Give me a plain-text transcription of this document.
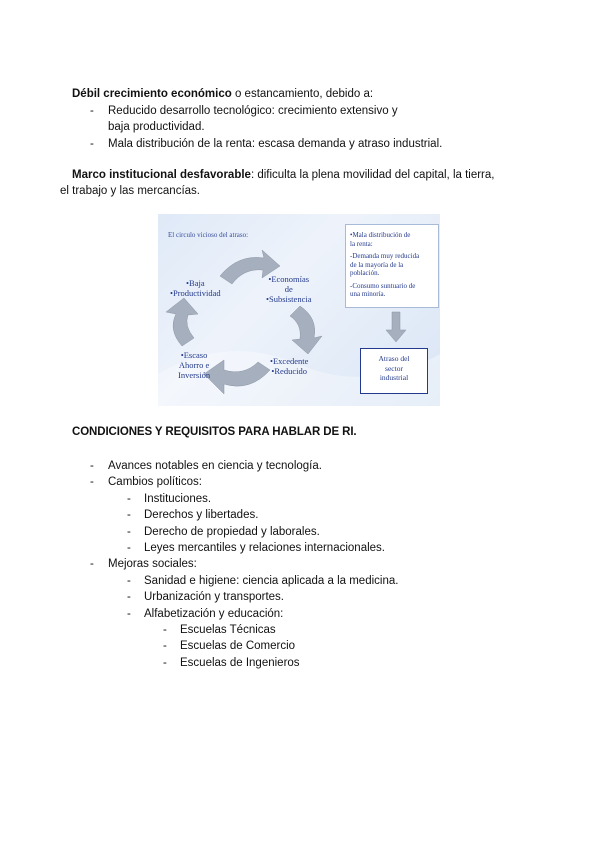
Débil crecimiento económico o estancamiento, debido a:

- Reducido desarrollo tecnológico: crecimiento extensivo y
baja productividad.
- Mala distribución de la renta: escasa demanda y atraso industrial.

Marco institucional desfavorable: dificulta la plena movilidad del capital, la tierra,

el trabajo y las mercancías.

El circulo vicioso del atraso:
•Baja
•Productividad
•Economías
de
•Subsistencia
•Excedente
•Reducido
•Escaso
Ahorro e
Inversión
•Mala distribución de
la renta:
-Demanda muy reducida
de la mayoría de la
población.
-Consumo suntuario de
una minoría.
Atraso del
sector
industrial
CONDICIONES Y REQUISITOS PARA HABLAR DE RI.
- Avances notables en ciencia y tecnología.
- Cambios políticos:
- Instituciones.
- Derechos y libertades.
- Derecho de propiedad y laborales.
- Leyes mercantiles y relaciones internacionales.
- Mejoras sociales:
- Sanidad e higiene: ciencia aplicada a la medicina.
- Urbanización y transportes.
- Alfabetización y educación:
- Escuelas Técnicas
- Escuelas de Comercio
- Escuelas de Ingenieros
